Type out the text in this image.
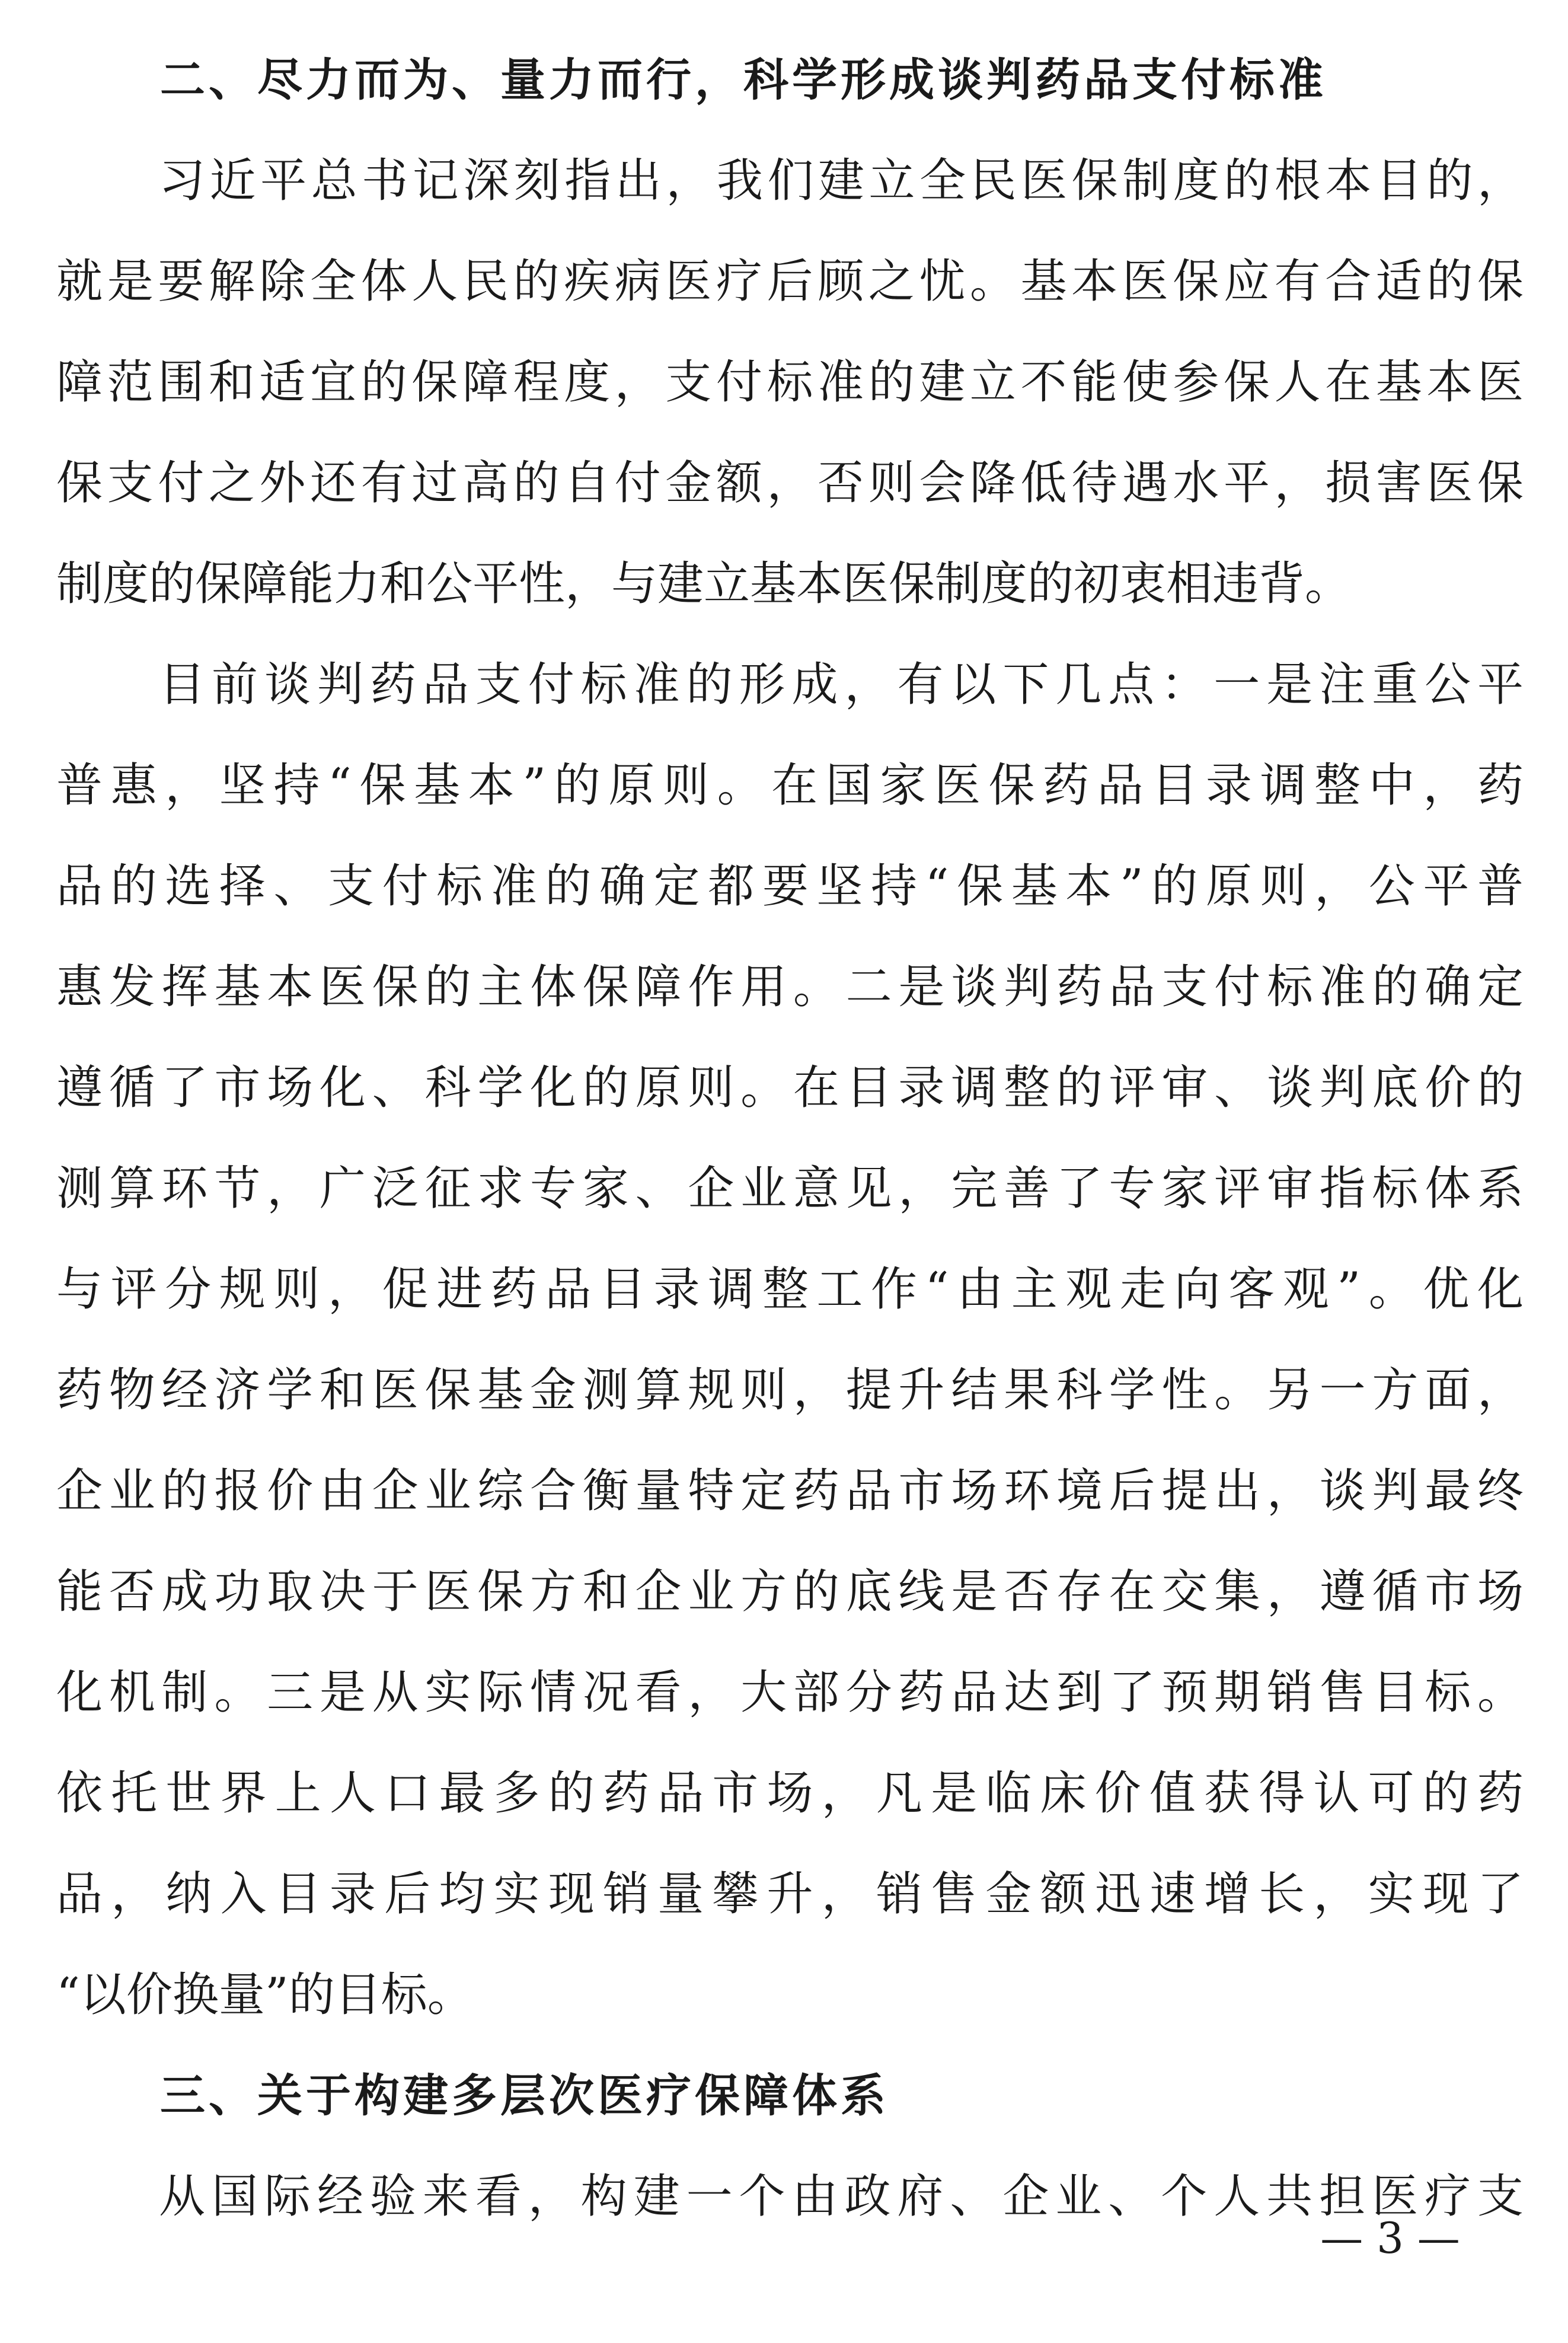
二、尽力而为、量力而行，科学形成谈判药品支付标准

习近平总书记深刻指出，我们建立全民医保制度的根本目的，

就是要解除全体人民的疾病医疗后顾之忧。基本医保应有合适的保

障范围和适宜的保障程度，支付标准的建立不能使参保人在基本医

保支付之外还有过高的自付金额，否则会降低待遇水平，损害医保

制度的保障能力和公平性，与建立基本医保制度的初衷相违背。

目前谈判药品支付标准的形成，有以下几点：一是注重公平

普惠，坚持“保基本”的原则。在国家医保药品目录调整中，药

品的选择、支付标准的确定都要坚持“保基本”的原则，公平普

惠发挥基本医保的主体保障作用。二是谈判药品支付标准的确定

遵循了市场化、科学化的原则。在目录调整的评审、谈判底价的

测算环节，广泛征求专家、企业意见，完善了专家评审指标体系

与评分规则，促进药品目录调整工作“由主观走向客观”。优化

药物经济学和医保基金测算规则，提升结果科学性。另一方面，

企业的报价由企业综合衡量特定药品市场环境后提出，谈判最终

能否成功取决于医保方和企业方的底线是否存在交集，遵循市场

化机制。三是从实际情况看，大部分药品达到了预期销售目标。

依托世界上人口最多的药品市场，凡是临床价值获得认可的药

品，纳入目录后均实现销量攀升，销售金额迅速增长，实现了

“以价换量”的目标。

三、关于构建多层次医疗保障体系

从国际经验来看，构建一个由政府、企业、个人共担医疗支

— 3 —
